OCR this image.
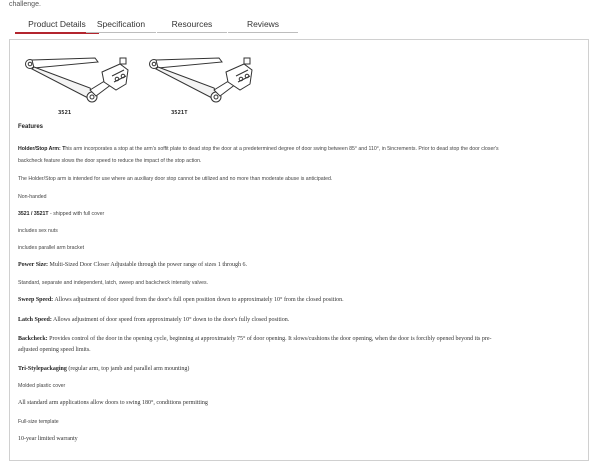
challenge.
Product Details	Specification	Resources	Reviews
3521	3521T
Features
Holder/Stop Arm: This arm incorporates a stop at the arm's soffit plate to dead stop the door at a predetermined degree of door swing between 85° and 110°, in 5increments. Prior to dead stop the door closer's
backcheck feature slows the door speed to reduce the impact of the stop action.
The Holder/Stop arm is intended for use where an auxiliary door stop cannot be utilized and no more than moderate abuse is anticipated.
Non-handed
3521 / 3521T - shipped with full cover
includes sex nuts
includes parallel arm bracket
Power Size: Multi-Sized Door Closer Adjustable through the power range of sizes 1 through 6.
Standard, separate and independent, latch, sweep and backcheck intensity valves.
Sweep Speed: Allows adjustment of door speed from the door's full open position down to approximately 10° from the closed position.
Latch Speed: Allows adjustment of door speed from approximately 10° down to the door's fully closed position.
Backcheck: Provides control of the door in the opening cycle, beginning at approximately 75° of door opening. It slows/cushions the door opening, when the door is forcibly opened beyond its pre-
adjusted opening speed limits.
Tri-Stylepackaging (regular arm, top jamb and parallel arm mounting)
Molded plastic cover
All standard arm applications allow doors to swing 180°, conditions permitting
Full-size template
10-year limited warranty
